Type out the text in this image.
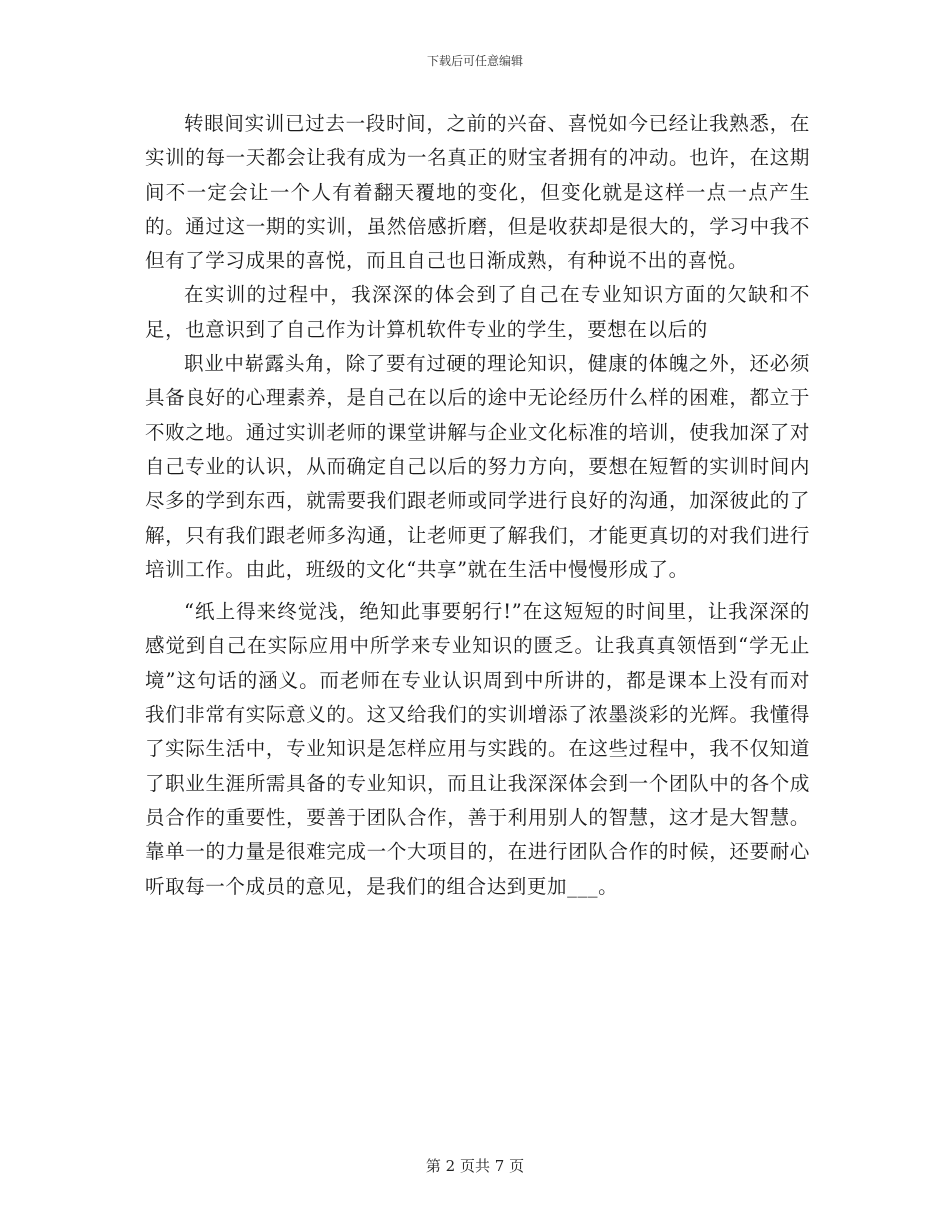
下载后可任意编辑

转眼间实训已过去一段时间，之前的兴奋、喜悦如今已经让我熟悉，在实训的每一天都会让我有成为一名真正的财宝者拥有的冲动。也许，在这期间不一定会让一个人有着翻天覆地的变化，但变化就是这样一点一点产生的。通过这一期的实训，虽然倍感折磨，但是收获却是很大的，学习中我不但有了学习成果的喜悦，而且自己也日渐成熟，有种说不出的喜悦。

在实训的过程中，我深深的体会到了自己在专业知识方面的欠缺和不足，也意识到了自己作为计算机软件专业的学生，要想在以后的

职业中崭露头角，除了要有过硬的理论知识，健康的体魄之外，还必须具备良好的心理素养，是自己在以后的途中无论经历什么样的困难，都立于不败之地。通过实训老师的课堂讲解与企业文化标准的培训，使我加深了对自己专业的认识，从而确定自己以后的努力方向，要想在短暂的实训时间内尽多的学到东西，就需要我们跟老师或同学进行良好的沟通，加深彼此的了解，只有我们跟老师多沟通，让老师更了解我们，才能更真切的对我们进行培训工作。由此，班级的文化“共享”就在生活中慢慢形成了。

“纸上得来终觉浅，绝知此事要躬行!”在这短短的时间里，让我深深的感觉到自己在实际应用中所学来专业知识的匮乏。让我真真领悟到“学无止境”这句话的涵义。而老师在专业认识周到中所讲的，都是课本上没有而对我们非常有实际意义的。这又给我们的实训增添了浓墨淡彩的光辉。我懂得了实际生活中，专业知识是怎样应用与实践的。在这些过程中，我不仅知道了职业生涯所需具备的专业知识，而且让我深深体会到一个团队中的各个成员合作的重要性，要善于团队合作，善于利用别人的智慧，这才是大智慧。靠单一的力量是很难完成一个大项目的，在进行团队合作的时候，还要耐心听取每一个成员的意见，是我们的组合达到更加___。

第 2 页共 7 页
